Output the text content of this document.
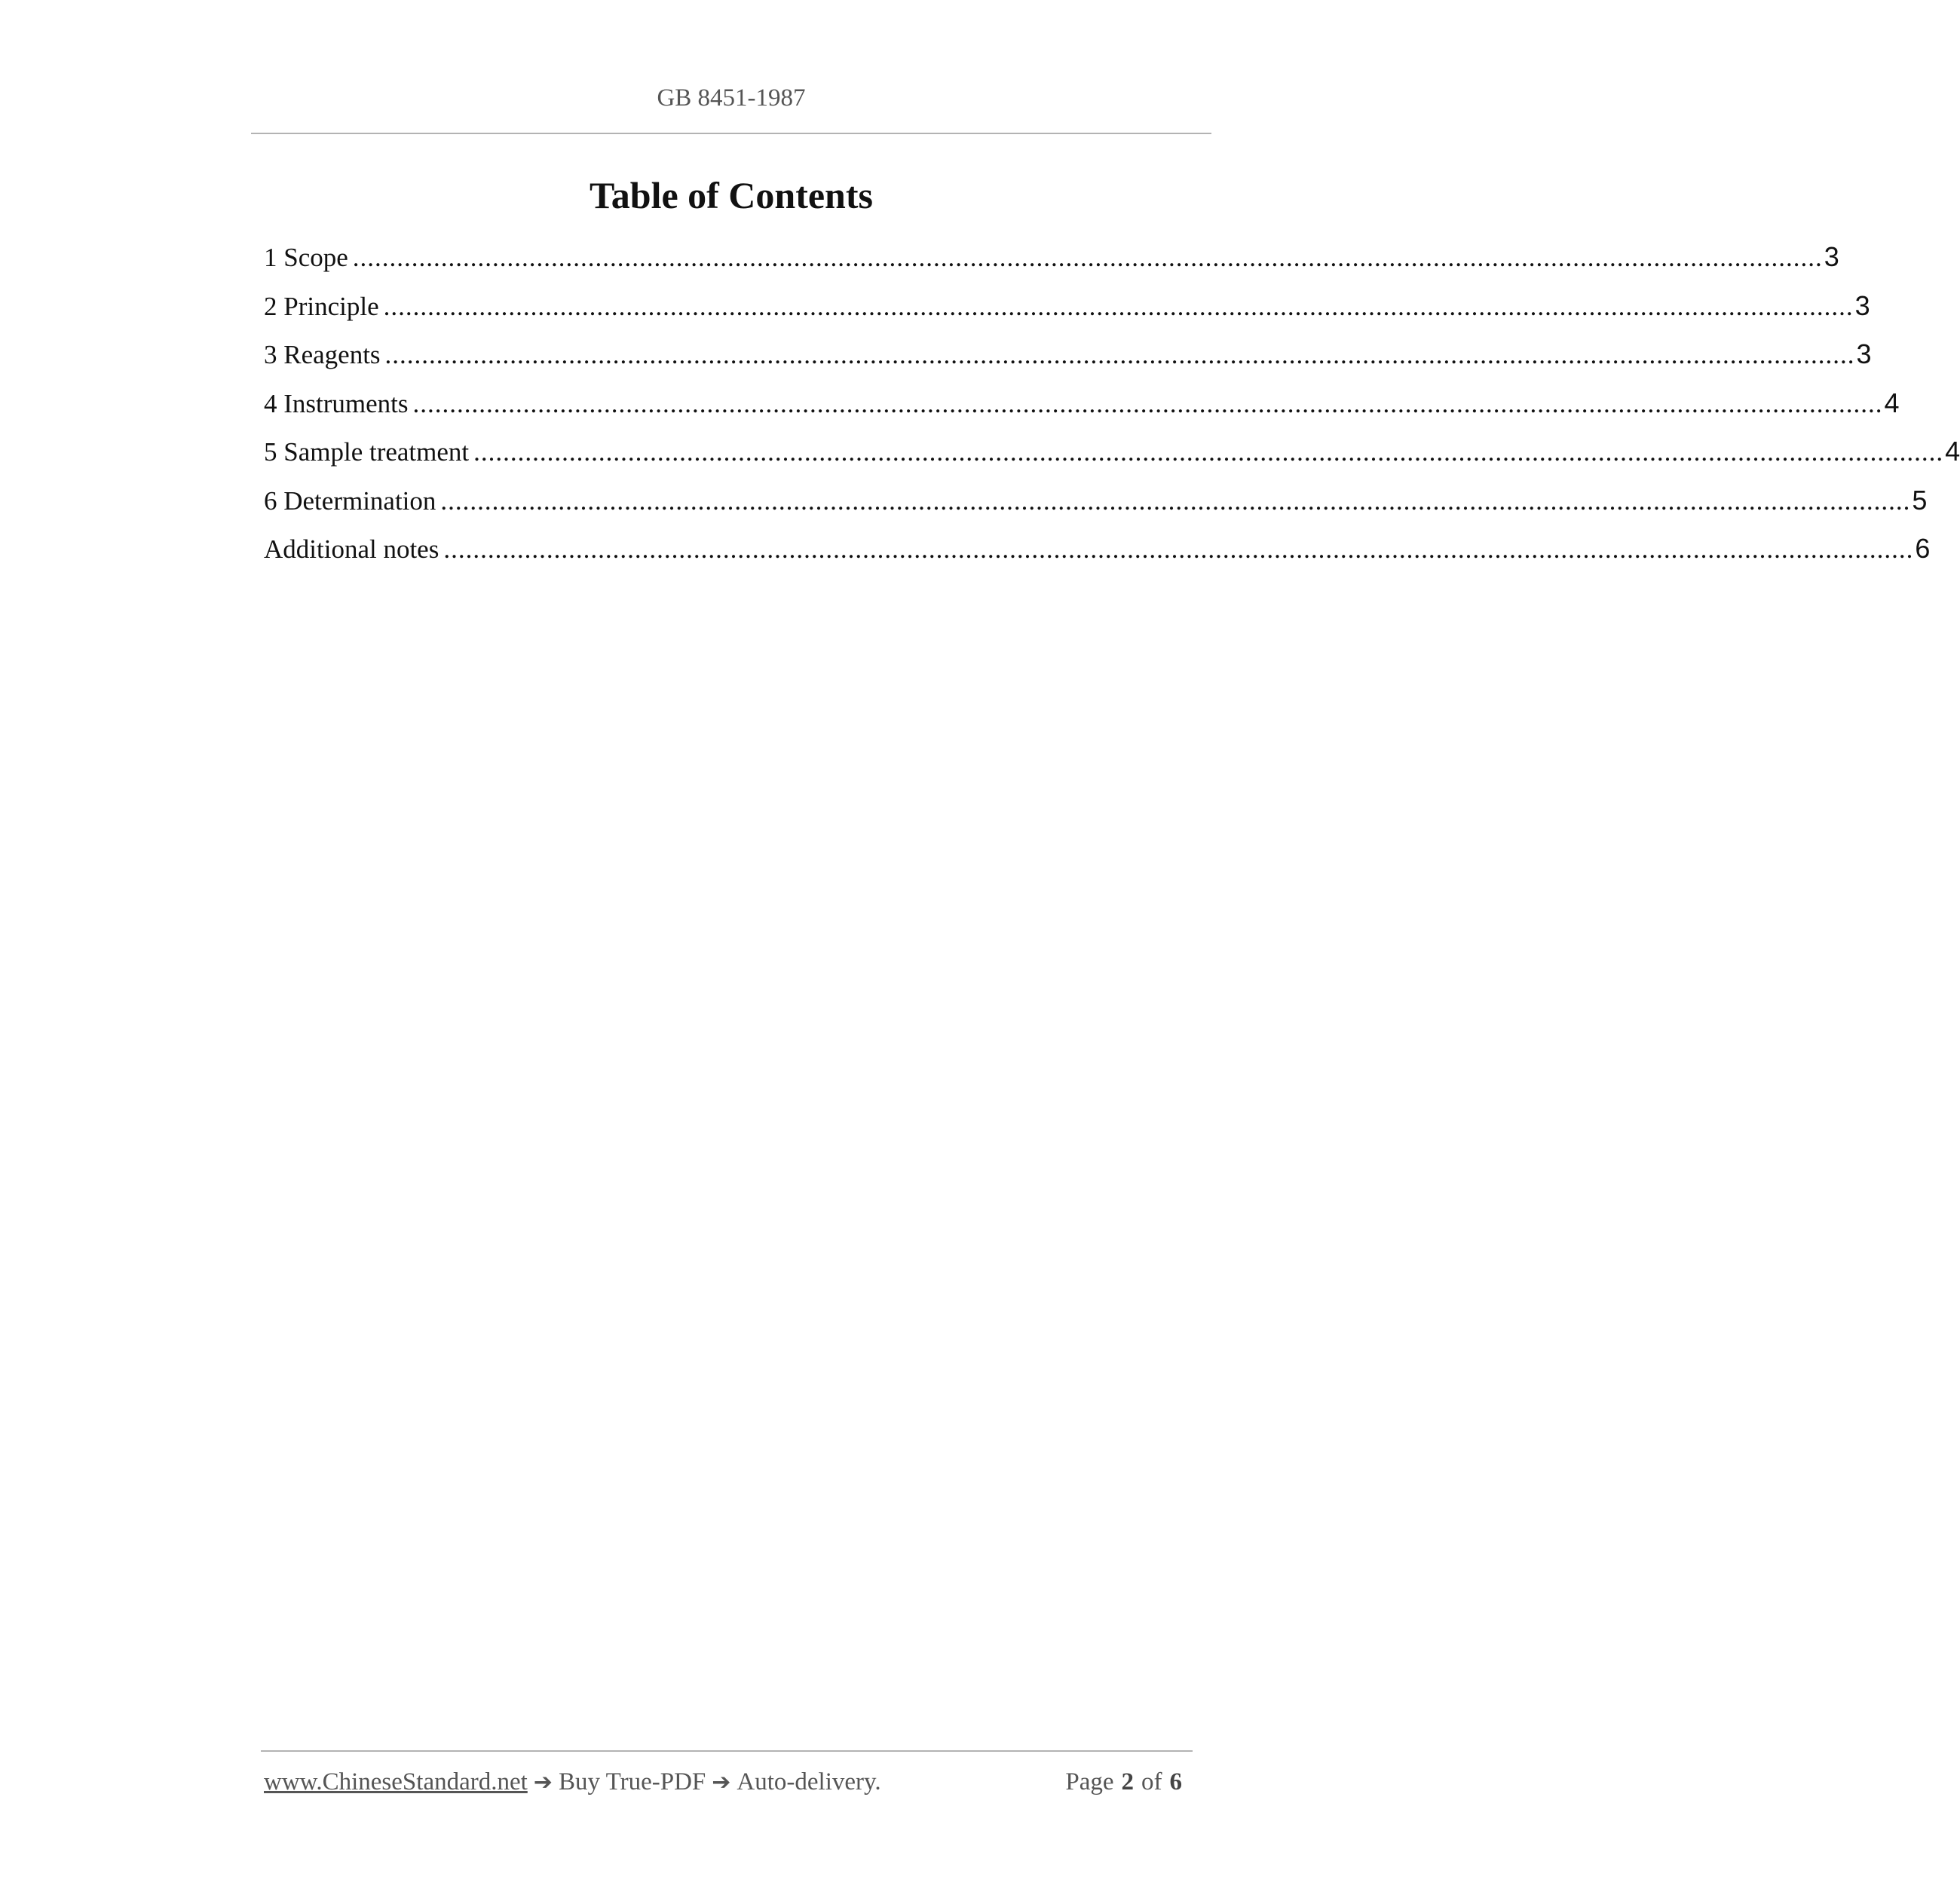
GB 8451-1987
Table of Contents
1 Scope ........................................................................................................................................................................................................ 3
2 Principle ........................................................................................................................................................................................................ 3
3 Reagents ........................................................................................................................................................................................................ 3
4 Instruments ........................................................................................................................................................................................................ 4
5 Sample treatment ........................................................................................................................................................................................................ 4
6 Determination ........................................................................................................................................................................................................ 5
Additional notes ........................................................................................................................................................................................................ 6
www.ChineseStandard.net ➔ Buy True-PDF ➔ Auto-delivery.	Page 2 of 6
